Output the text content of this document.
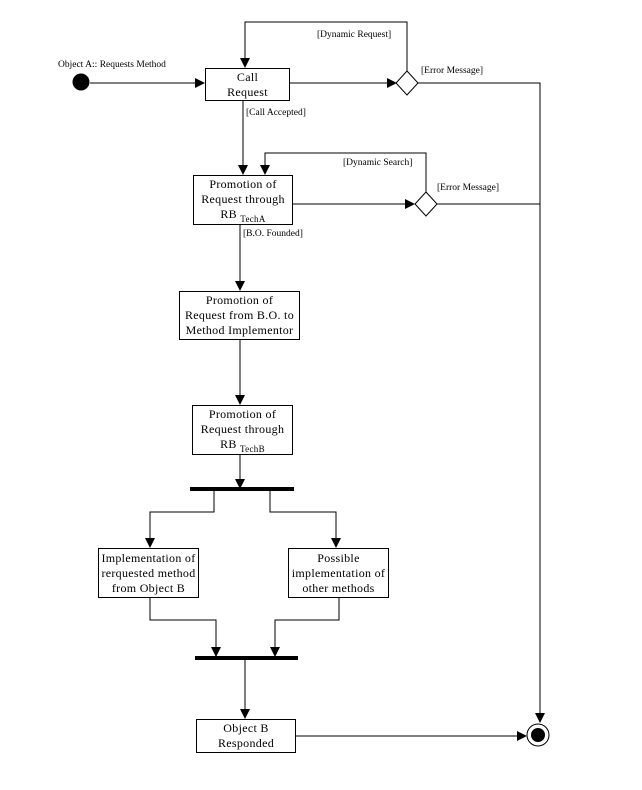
Object A:: Requests Method
[Dynamic Request]
[Error Message]
[Call Accepted]
[Dynamic Search]
[Error Message]
[B.O. Founded]
Call
Request
Promotion of
Request through
RB $_{TechA}$
Promotion of
Request from B.O. to
Method Implementor
Promotion of
Request through
RB $_{TechB}$
Implementation of
rerquested method
from Object B
Possible
implementation of
other methods
Object B
Responded
